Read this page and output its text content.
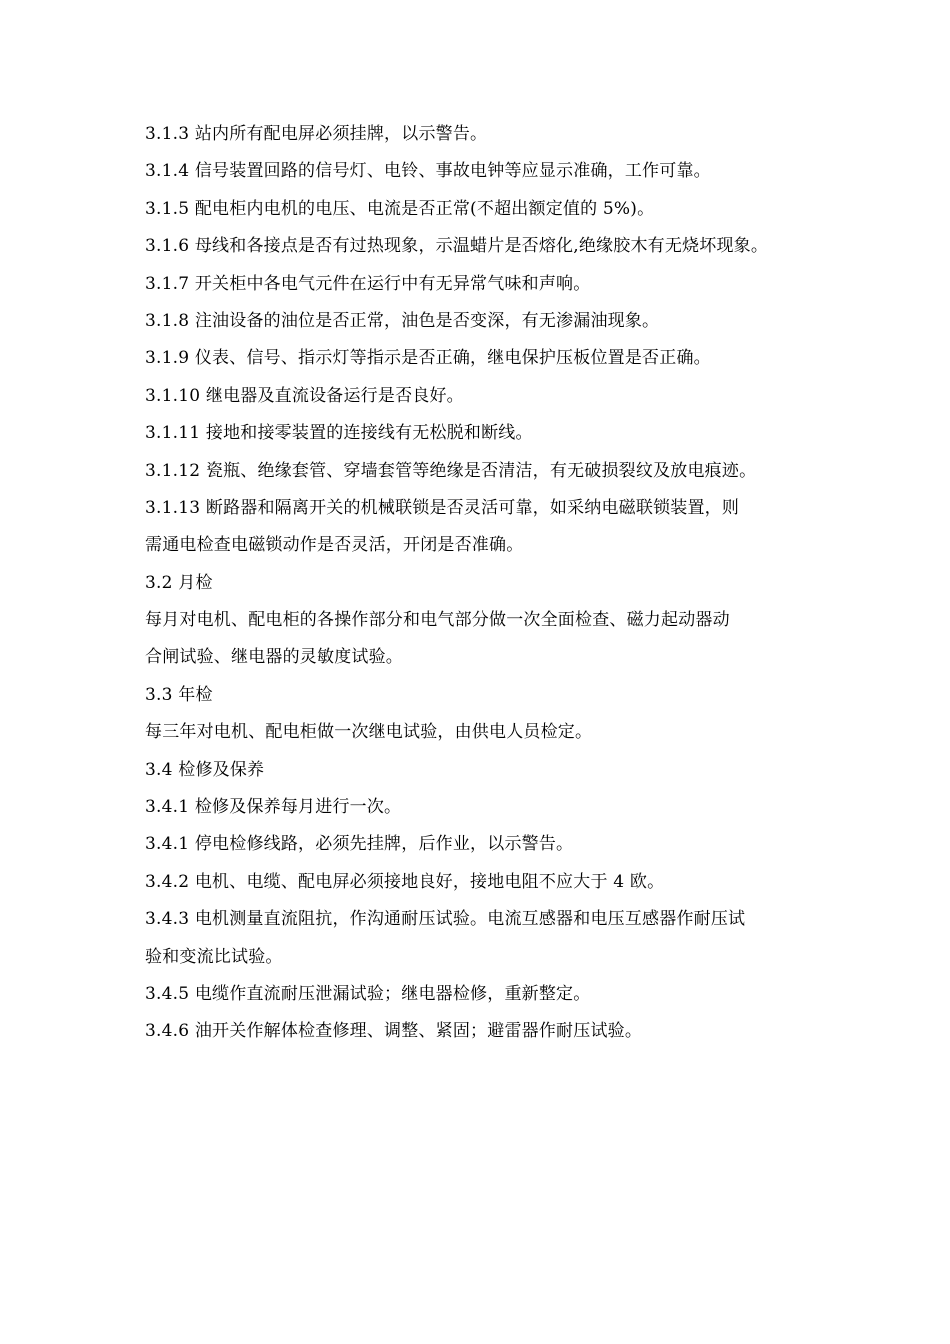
3.1.3 站内所有配电屏必须挂牌，以示警告。
3.1.4 信号装置回路的信号灯、电铃、事故电钟等应显示准确，工作可靠。
3.1.5 配电柜内电机的电压、电流是否正常(不超出额定值的 5%)。
3.1.6 母线和各接点是否有过热现象，示温蜡片是否熔化,绝缘胶木有无烧坏现象。
3.1.7 开关柜中各电气元件在运行中有无异常气味和声响。
3.1.8 注油设备的油位是否正常，油色是否变深，有无渗漏油现象。
3.1.9 仪表、信号、指示灯等指示是否正确，继电保护压板位置是否正确。
3.1.10 继电器及直流设备运行是否良好。
3.1.11 接地和接零装置的连接线有无松脱和断线。
3.1.12 瓷瓶、绝缘套管、穿墙套管等绝缘是否清洁，有无破损裂纹及放电痕迹。
3.1.13 断路器和隔离开关的机械联锁是否灵活可靠，如采纳电磁联锁装置，则
需通电检查电磁锁动作是否灵活，开闭是否准确。
3.2 月检
每月对电机、配电柜的各操作部分和电气部分做一次全面检查、磁力起动器动
合闸试验、继电器的灵敏度试验。
3.3 年检
每三年对电机、配电柜做一次继电试验，由供电人员检定。
3.4 检修及保养
3.4.1 检修及保养每月进行一次。
3.4.1 停电检修线路，必须先挂牌，后作业，以示警告。
3.4.2 电机、电缆、配电屏必须接地良好，接地电阻不应大于 4 欧。
3.4.3 电机测量直流阻抗，作沟通耐压试验。电流互感器和电压互感器作耐压试
验和变流比试验。
3.4.5 电缆作直流耐压泄漏试验；继电器检修，重新整定。
3.4.6 油开关作解体检查修理、调整、紧固；避雷器作耐压试验。
